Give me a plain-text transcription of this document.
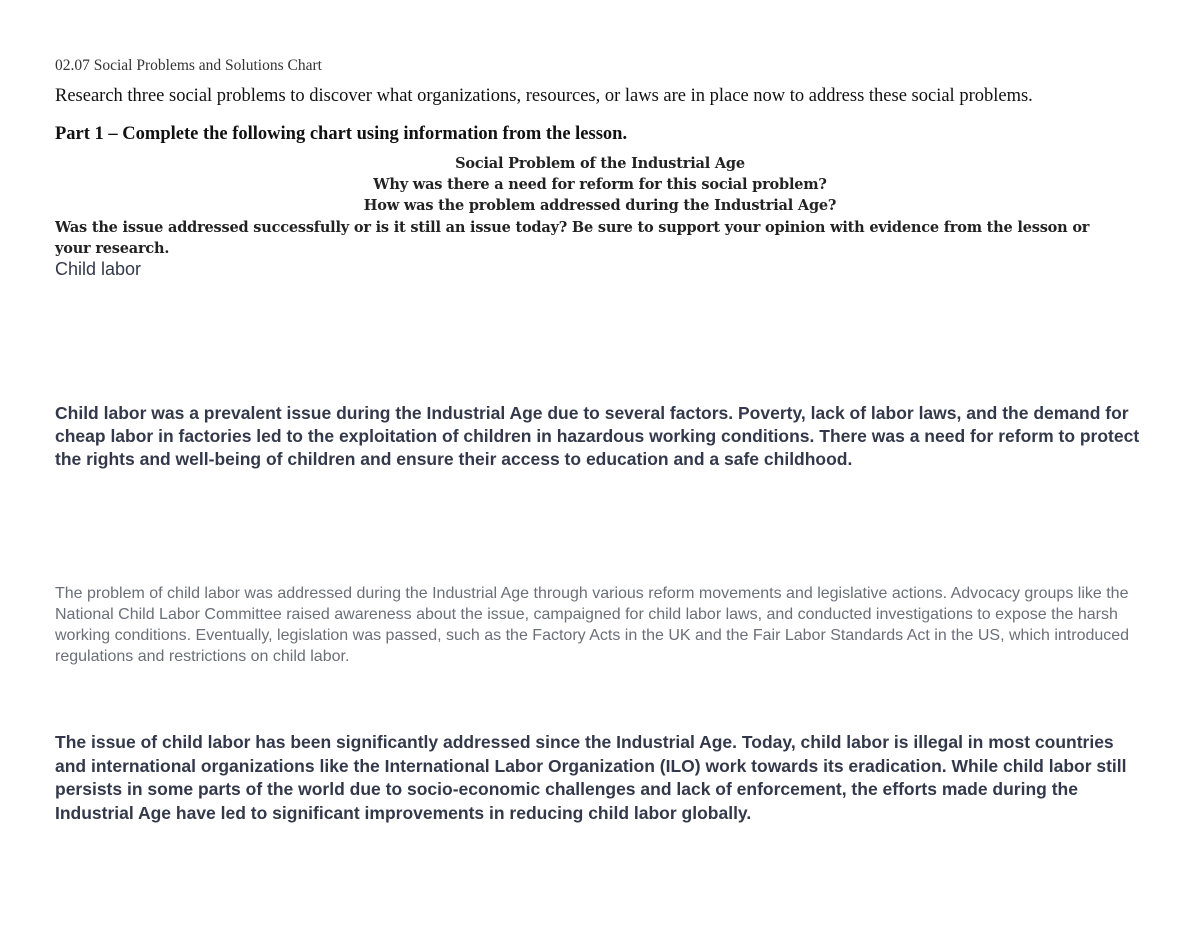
02.07 Social Problems and Solutions Chart

Research three social problems to discover what organizations, resources, or laws are in place now to address these social problems.

Part 1 – Complete the following chart using information from the lesson.

Social Problem of the Industrial Age

Why was there a need for reform for this social problem?

How was the problem addressed during the Industrial Age?

Was the issue addressed successfully or is it still an issue today? Be sure to support your opinion with evidence from the lesson or your research.

Child labor

Child labor was a prevalent issue during the Industrial Age due to several factors. Poverty, lack of labor laws, and the demand for cheap labor in factories led to the exploitation of children in hazardous working conditions. There was a need for reform to protect the rights and well-being of children and ensure their access to education and a safe childhood.

The problem of child labor was addressed during the Industrial Age through various reform movements and legislative actions. Advocacy groups like the National Child Labor Committee raised awareness about the issue, campaigned for child labor laws, and conducted investigations to expose the harsh working conditions. Eventually, legislation was passed, such as the Factory Acts in the UK and the Fair Labor Standards Act in the US, which introduced regulations and restrictions on child labor.

The issue of child labor has been significantly addressed since the Industrial Age. Today, child labor is illegal in most countries and international organizations like the International Labor Organization (ILO) work towards its eradication. While child labor still persists in some parts of the world due to socio-economic challenges and lack of enforcement, the efforts made during the Industrial Age have led to significant improvements in reducing child labor globally.
